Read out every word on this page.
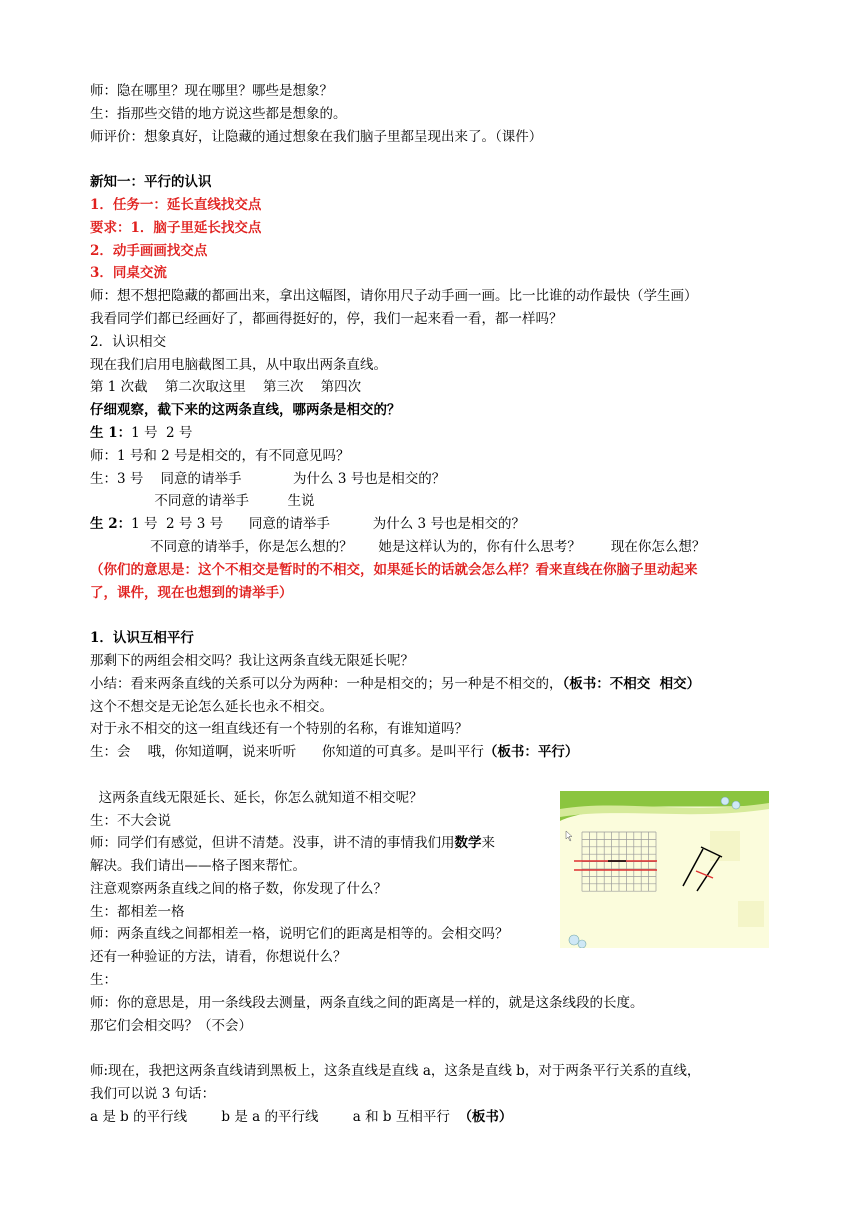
师：隐在哪里？现在哪里？哪些是想象？
生：指那些交错的地方说这些都是想象的。
师评价：想象真好，让隐藏的通过想象在我们脑子里都呈现出来了。（课件）
新知一：平行的认识
1．任务一：延长直线找交点
要求：1．脑子里延长找交点
2．动手画画找交点
3．同桌交流
师：想不想把隐藏的都画出来，拿出这幅图，请你用尺子动手画一画。比一比谁的动作最快（学生画）
我看同学们都已经画好了，都画得挺好的，停，我们一起来看一看，都一样吗？
2．认识相交
现在我们启用电脑截图工具，从中取出两条直线。
第 1 次截    第二次取这里    第三次    第四次
仔细观察，截下来的这两条直线，哪两条是相交的？
生 1：1 号  2 号
师：1 号和 2 号是相交的，有不同意见吗？
生：3 号    同意的请举手            为什么 3 号也是相交的？
不同意的请举手         生说
生 2：1 号  2 号 3 号      同意的请举手          为什么 3 号也是相交的？
不同意的请举手，你是怎么想的？      她是这样认为的，你有什么思考？       现在你怎么想？
（你们的意思是：这个不相交是暂时的不相交，如果延长的话就会怎么样？看来直线在你脑子里动起来
了，课件，现在也想到的请举手）
1．认识互相平行
那剩下的两组会相交吗？我让这两条直线无限延长呢？
小结：看来两条直线的关系可以分为两种：一种是相交的；另一种是不相交的，（板书：不相交  相交）
这个不想交是无论怎么延长也永不相交。
对于永不相交的这一组直线还有一个特别的名称，有谁知道吗？
生：会    哦，你知道啊，说来听听      你知道的可真多。是叫平行（板书：平行）
这两条直线无限延长、延长，你怎么就知道不相交呢？
生：不大会说
师：同学们有感觉，但讲不清楚。没事，讲不清的事情我们用数学来
解决。我们请出——格子图来帮忙。
注意观察两条直线之间的格子数，你发现了什么？
生：都相差一格
师：两条直线之间都相差一格，说明它们的距离是相等的。会相交吗？
还有一种验证的方法，请看，你想说什么？
生：
师：你的意思是，用一条线段去测量，两条直线之间的距离是一样的，就是这条线段的长度。
那它们会相交吗？（不会）
师:现在，我把这两条直线请到黑板上，这条直线是直线 a，这条是直线 b，对于两条平行关系的直线，
我们可以说 3 句话：
a 是 b 的平行线        b 是 a 的平行线        a 和 b 互相平行  （板书）
